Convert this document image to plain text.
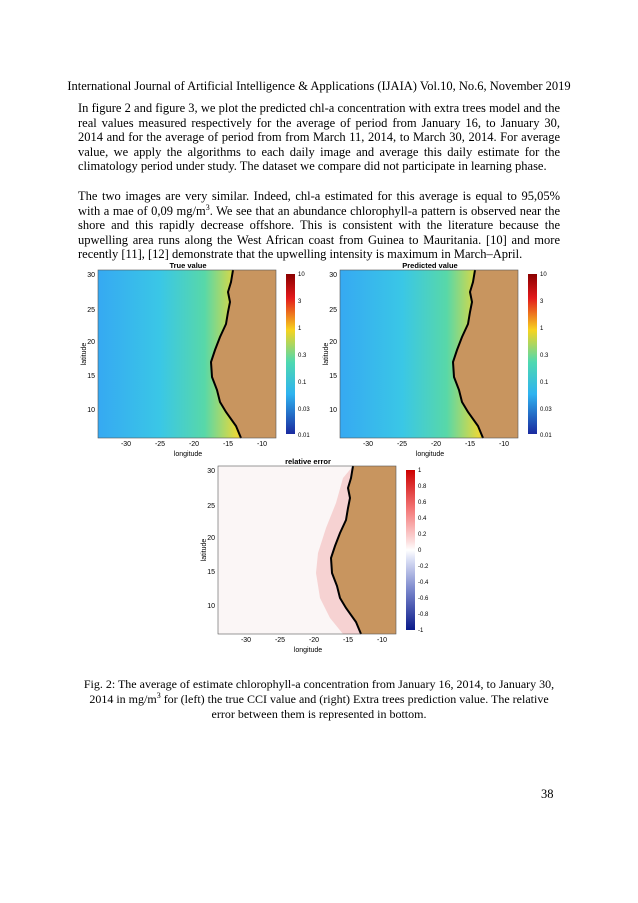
International Journal of Artificial Intelligence & Applications (IJAIA) Vol.10, No.6, November 2019
In figure 2 and figure 3, we plot the predicted chl-a concentration with extra trees model and the real values measured respectively for the average of period from January 16, to January 30, 2014 and for the average of period from from March 11, 2014, to March 30, 2014. For average value, we apply the algorithms to each daily image and average this daily estimate for the climatology period under study. The dataset we compare did not participate in learning phase.
The two images are very similar. Indeed, chl-a estimated for this average is equal to 95,05% with a mae of 0,09 $mg/m^3$. We see that an abundance chlorophyll-a pattern is observed near the shore and this rapidly decrease offshore. This is consistent with the literature because the upwelling area runs along the West African coast from Guinea to Mauritania. [10] and more recently [11], [12] demonstrate that the upwelling intensity is maximum in March–April.
True value
30
25
20
15
10
latitude
-30	-25	-20	-15	-10
longitude
10
3
1
0.3
0.1
0.03
0.01
Predicted value
30
25
20
15
10
latitude
-30	-25	-20	-15	-10
longitude
10
3
1
0.3
0.1
0.03
0.01
relative error
30
25
20
15
10
latitude
-30	-25	-20	-15	-10
longitude
1
0.8
0.6
0.4
0.2
0
-0.2
-0.4
-0.6
-0.8
-1
Fig. 2: The average of estimate chlorophyll-a concentration from January 16, 2014, to January 30, 2014 in $mg/m^3$ for (left) the true CCI value and (right) Extra trees prediction value. The relative error between them is represented in bottom.
38
